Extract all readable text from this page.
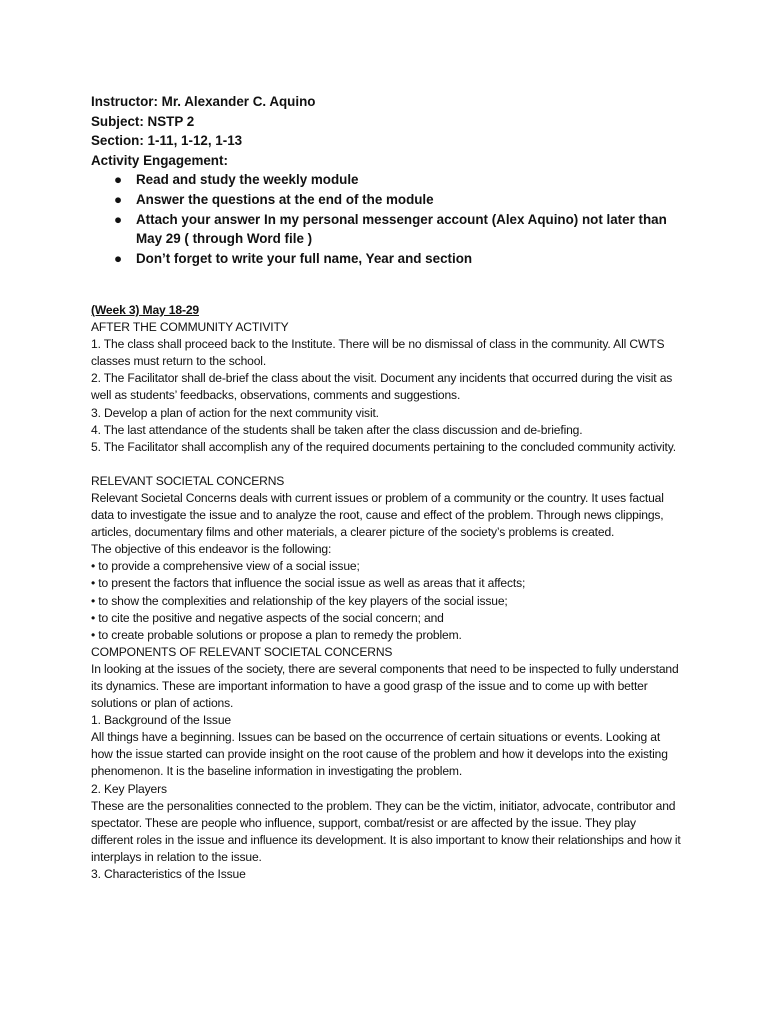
Instructor: Mr. Alexander C. Aquino
Subject: NSTP 2
Section: 1-11, 1-12, 1-13
Activity Engagement:
● Read and study the weekly module
● Answer the questions at the end of the module
● Attach your answer In my personal messenger account (Alex Aquino) not later than May 29 ( through Word file )
● Don’t forget to write your full name, Year and section

(Week 3) May 18-29

AFTER THE COMMUNITY ACTIVITY

1. The class shall proceed back to the Institute. There will be no dismissal of class in the community. All CWTS classes must return to the school.

2. The Facilitator shall de-brief the class about the visit. Document any incidents that occurred during the visit as well as students’ feedbacks, observations, comments and suggestions.

3. Develop a plan of action for the next community visit.

4. The last attendance of the students shall be taken after the class discussion and de-briefing.

5. The Facilitator shall accomplish any of the required documents pertaining to the concluded community activity.

RELEVANT SOCIETAL CONCERNS

Relevant Societal Concerns deals with current issues or problem of a community or the country. It uses factual data to investigate the issue and to analyze the root, cause and effect of the problem. Through news clippings, articles, documentary films and other materials, a clearer picture of the society’s problems is created.

The objective of this endeavor is the following:

• to provide a comprehensive view of a social issue;

• to present the factors that influence the social issue as well as areas that it affects;

• to show the complexities and relationship of the key players of the social issue;

• to cite the positive and negative aspects of the social concern; and

• to create probable solutions or propose a plan to remedy the problem.

COMPONENTS OF RELEVANT SOCIETAL CONCERNS

In looking at the issues of the society, there are several components that need to be inspected to fully understand its dynamics. These are important information to have a good grasp of the issue and to come up with better solutions or plan of actions.

1. Background of the Issue

All things have a beginning. Issues can be based on the occurrence of certain situations or events. Looking at how the issue started can provide insight on the root cause of the problem and how it develops into the existing phenomenon. It is the baseline information in investigating the problem.

2. Key Players

These are the personalities connected to the problem. They can be the victim, initiator, advocate, contributor and spectator. These are people who influence, support, combat/resist or are affected by the issue. They play different roles in the issue and influence its development. It is also important to know their relationships and how it interplays in relation to the issue.

3. Characteristics of the Issue
